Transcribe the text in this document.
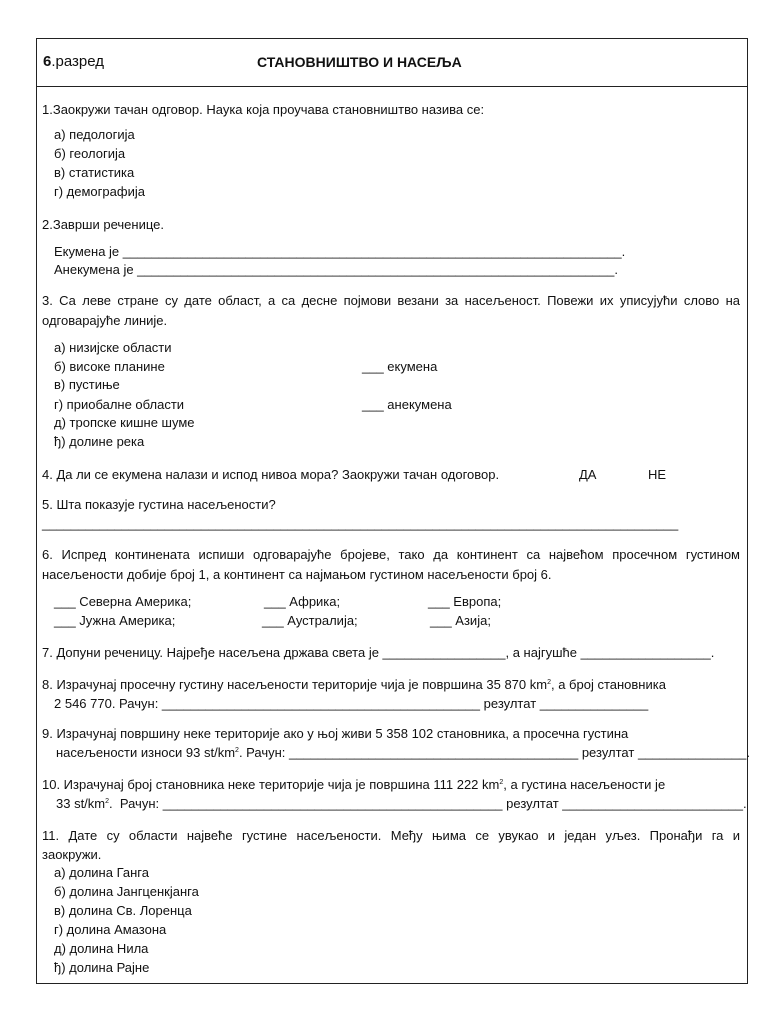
6.разред	СТАНОВНИШТВО И НАСЕЉА
1.Заокружи тачан одговор. Наука која проучава становништво назива се:
а) педологија
б) геологија
в) статистика
г) демографија
2.Заврши реченице.
Екумена је _____________________________________________________________________.
Анекумена је __________________________________________________________________.
3. Са леве стране су дате област, а са десне појмови везани за насељеност. Повежи их уписујући слово на
одговарајуће линије.
а) низијске области
б) високе планине
в) пустиње
г) приобалне области
д) тропске кишне шуме
ђ) долине река
___ екумена
___ анекумена
4. Да ли се екумена налази и испод нивоа мора? Заокружи тачан одоговор.	ДА	НЕ
5. Шта показује густина насељености?
________________________________________________________________________________________
6. Испред континената испиши одговарајуће бројеве, тако да континент са највећом просечном густином
насељености добије број 1, а континент са најмањом густином насељености број 6.
___ Северна Америка;	___ Африка;	___ Европа;
___ Јужна Америка;	___ Аустралија;	___ Азија;
7. Допуни реченицу. Најређе насељена држава света је _________________, а најгушће __________________.
8. Израчунај просечну густину насељености територије чија је површина 35 870 $km^2$, а број становника
2 546 770. Рачун: ____________________________________________ резултат _______________
9. Израчунај површину неке територије ако у њој живи 5 358 102 становника, а просечна густина
насељености износи 93 $st/km^2$. Рачун: ________________________________________ резултат _______________.
10. Израчунај број становника неке територије чија је површина 111 222 $km^2$, а густина насељености је
33 $st/km^2$.  Рачун: _______________________________________________ резултат _________________________.
11. Дате су области највеће густине насељености. Међу њима се увукао и један уљез. Пронађи га и
заокружи.
а) долина Ганга
б) долина Јангценкјанга
в) долина Св. Лоренца
г) долина Амазона
д) долина Нила
ђ) долина Рајне
